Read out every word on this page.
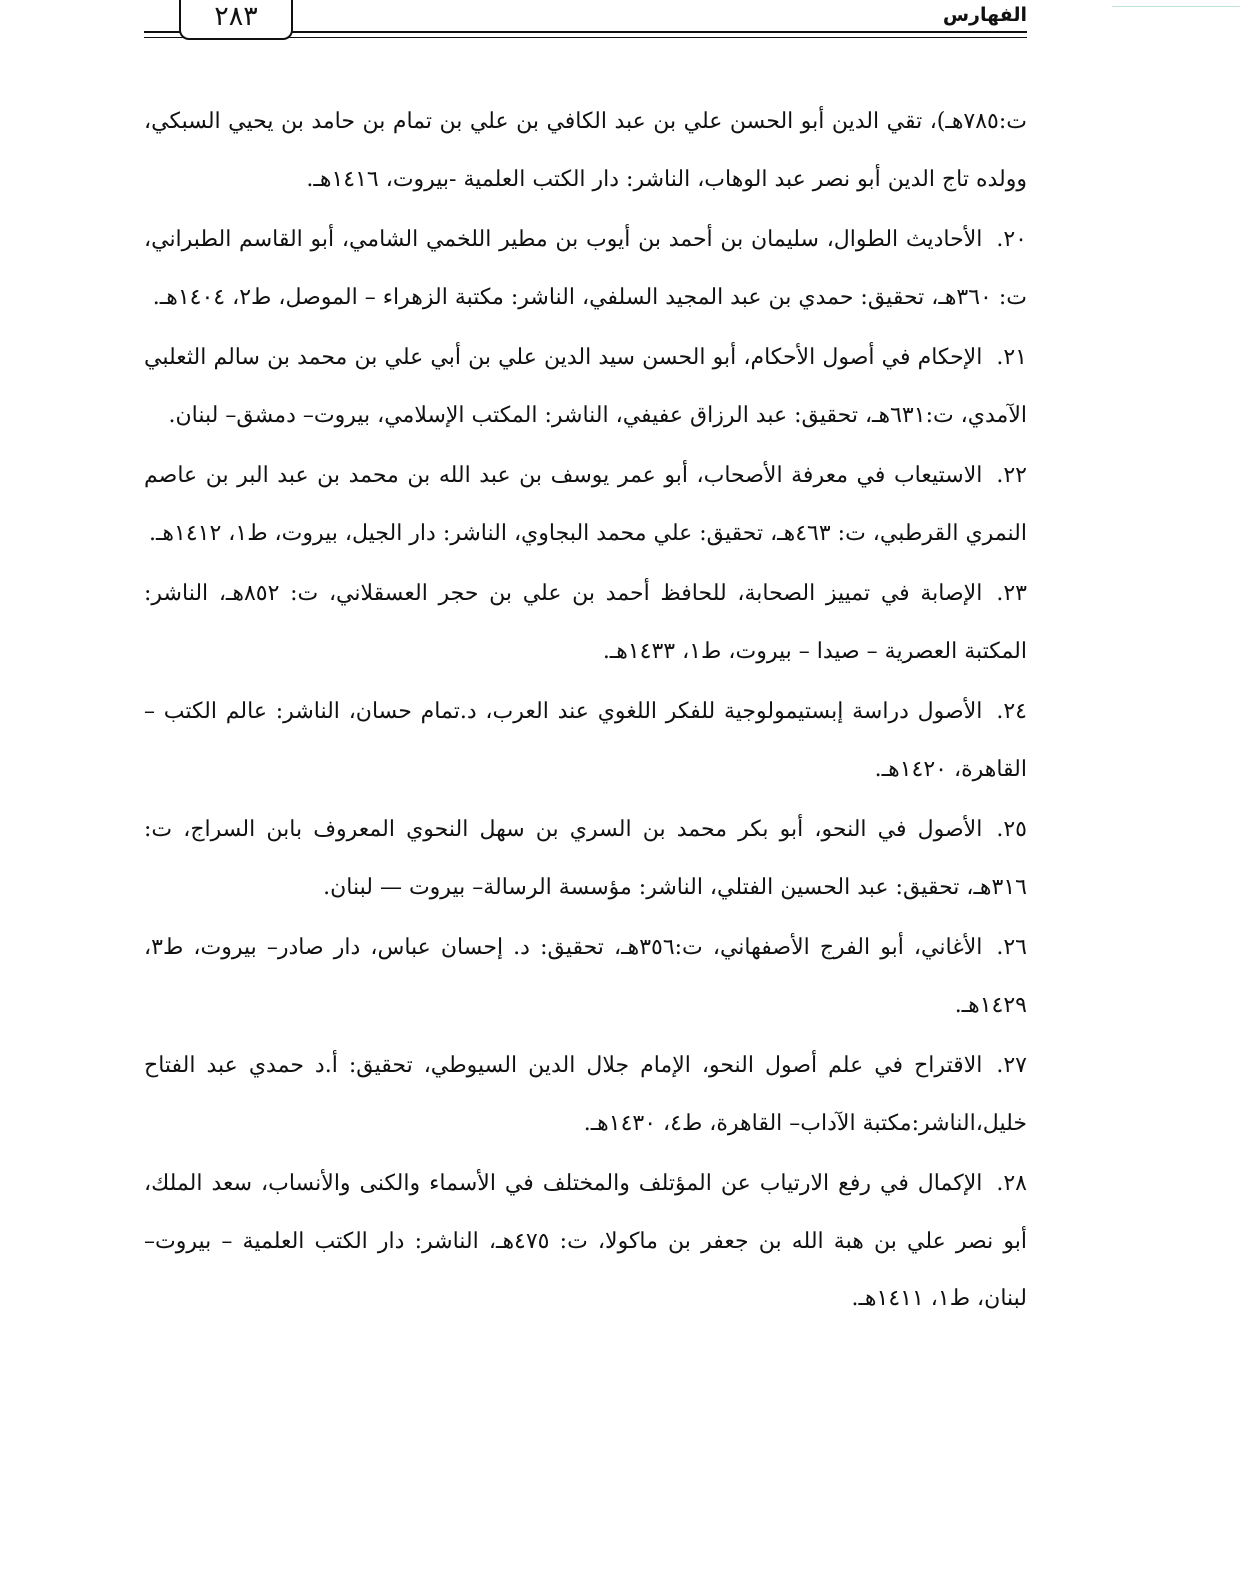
٢٨٣	الفهارس

ت:٧٨٥هـ)، تقي الدين أبو الحسن علي بن عبد الكافي بن علي بن تمام بن حامد بن يحيي السبكي، وولده تاج الدين أبو نصر عبد الوهاب، الناشر: دار الكتب العلمية -بيروت، ١٤١٦هـ.

٢٠.الأحاديث الطوال، سليمان بن أحمد بن أيوب بن مطير اللخمي الشامي، أبو القاسم الطبراني، ت: ٣٦٠هـ، تحقيق: حمدي بن عبد المجيد السلفي، الناشر: مكتبة الزهراء – الموصل، ط٢، ١٤٠٤هـ.

٢١.الإحكام في أصول الأحكام، أبو الحسن سيد الدين علي بن أبي علي بن محمد بن سالم الثعلبي الآمدي، ت:٦٣١هـ، تحقيق: عبد الرزاق عفيفي، الناشر: المكتب الإسلامي، بيروت– دمشق– لبنان.

٢٢.الاستيعاب في معرفة الأصحاب، أبو عمر يوسف بن عبد الله بن محمد بن عبد البر بن عاصم النمري القرطبي، ت: ٤٦٣هـ، تحقيق: علي محمد البجاوي، الناشر: دار الجيل، بيروت، ط١، ١٤١٢هـ.

٢٣.الإصابة في تمييز الصحابة، للحافظ أحمد بن علي بن حجر العسقلاني، ت: ٨٥٢هـ، الناشر: المكتبة العصرية – صيدا – بيروت، ط١، ١٤٣٣هـ.

٢٤.الأصول دراسة إبستيمولوجية للفكر اللغوي عند العرب، د.تمام حسان، الناشر: عالم الكتب – القاهرة، ١٤٢٠هـ.

٢٥.الأصول في النحو، أبو بكر محمد بن السري بن سهل النحوي المعروف بابن السراج، ت: ٣١٦هـ، تحقيق: عبد الحسين الفتلي، الناشر: مؤسسة الرسالة– بيروت — لبنان.

٢٦.الأغاني، أبو الفرج الأصفهاني، ت:٣٥٦هـ، تحقيق: د. إحسان عباس، دار صادر– بيروت، ط٣، ١٤٢٩هـ.

٢٧.الاقتراح في علم أصول النحو، الإمام جلال الدين السيوطي، تحقيق: أ.د حمدي عبد الفتاح خليل،الناشر:مكتبة الآداب– القاهرة، ط٤، ١٤٣٠هـ.

٢٨.الإكمال في رفع الارتياب عن المؤتلف والمختلف في الأسماء والكنى والأنساب، سعد الملك، أبو نصر علي بن هبة الله بن جعفر بن ماكولا، ت: ٤٧٥هـ، الناشر: دار الكتب العلمية – بيروت– لبنان، ط١، ١٤١١هـ.
